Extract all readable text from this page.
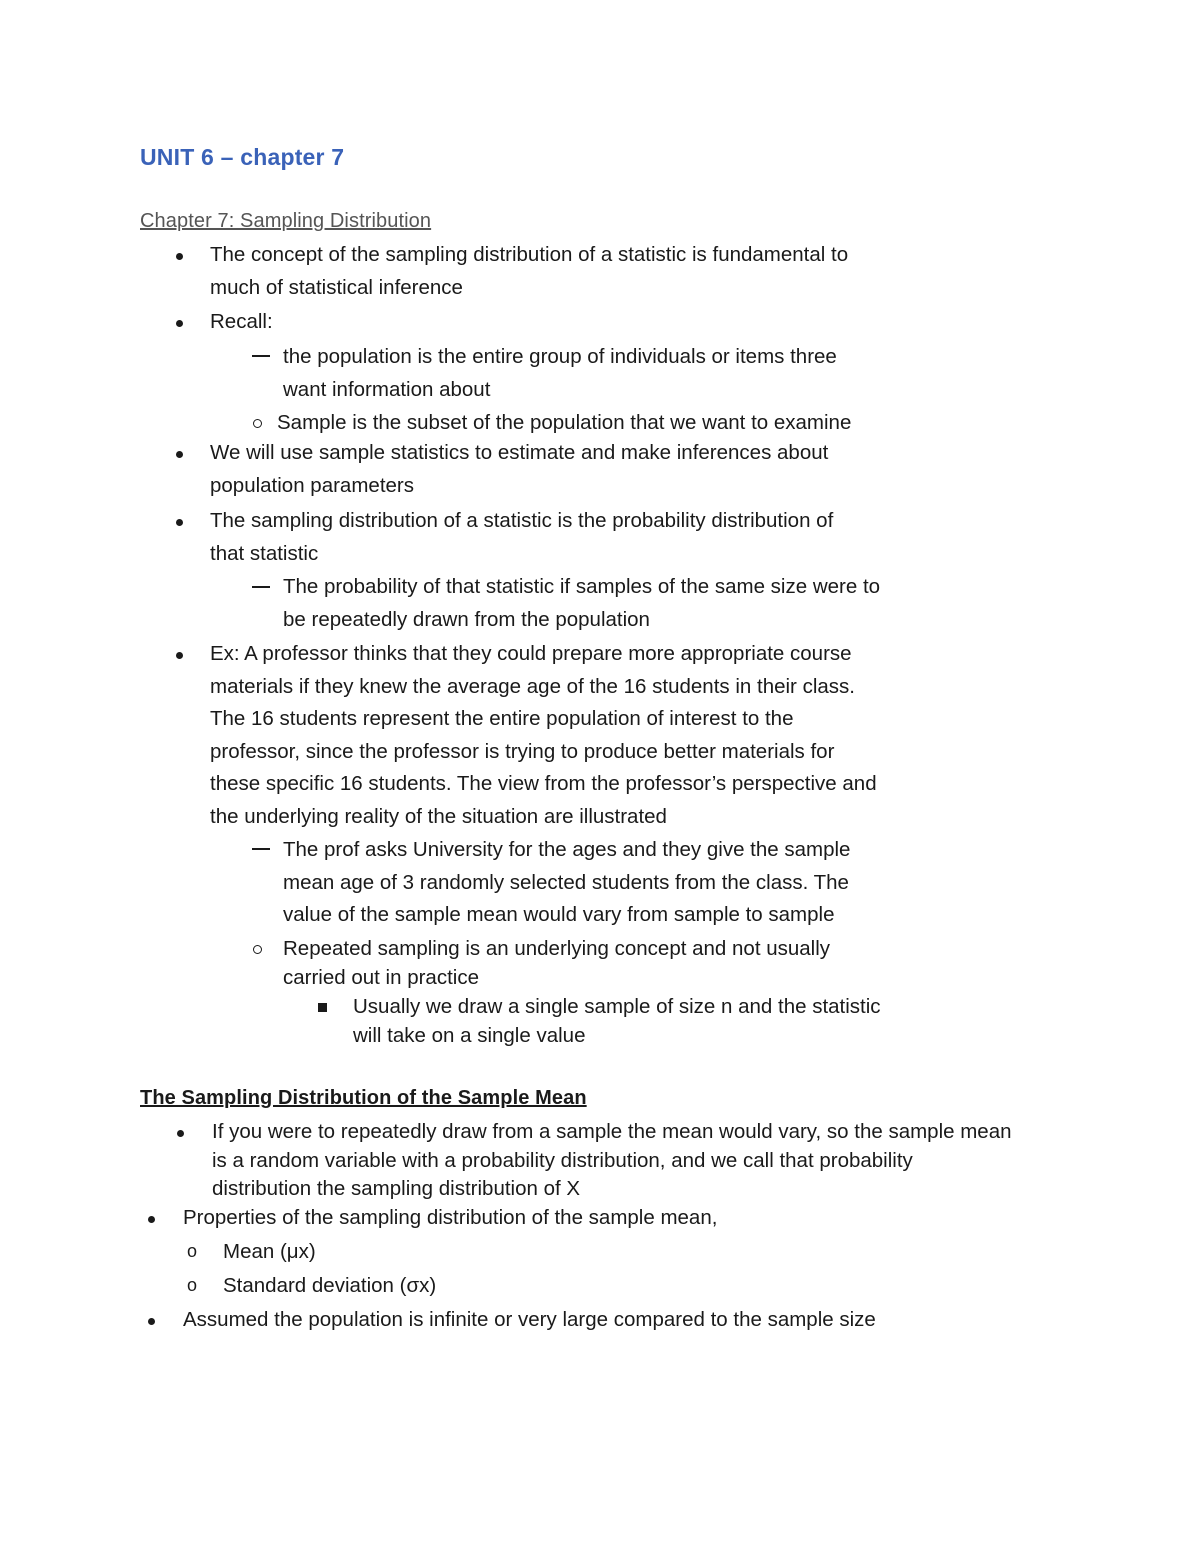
UNIT 6 – chapter 7
Chapter 7: Sampling Distribution
The concept of the sampling distribution of a statistic is fundamental to
much of statistical inference
Recall:
the population is the entire group of individuals or items three
want information about
Sample is the subset of the population that we want to examine
We will use sample statistics to estimate and make inferences about
population parameters
The sampling distribution of a statistic is the probability distribution of
that statistic
The probability of that statistic if samples of the same size were to
be repeatedly drawn from the population
Ex: A professor thinks that they could prepare more appropriate course
materials if they knew the average age of the 16 students in their class.
The 16 students represent the entire population of interest to the
professor, since the professor is trying to produce better materials for
these specific 16 students. The view from the professor’s perspective and
the underlying reality of the situation are illustrated
The prof asks University for the ages and they give the sample
mean age of 3 randomly selected students from the class. The
value of the sample mean would vary from sample to sample
Repeated sampling is an underlying concept and not usually
carried out in practice
Usually we draw a single sample of size n and the statistic
will take on a single value
The Sampling Distribution of the Sample Mean
If you were to repeatedly draw from a sample the mean would vary, so the sample mean
is a random variable with a probability distribution, and we call that probability
distribution the sampling distribution of X
Properties of the sampling distribution of the sample mean,
o Mean (μx)
o Standard deviation (σx)
Assumed the population is infinite or very large compared to the sample size
